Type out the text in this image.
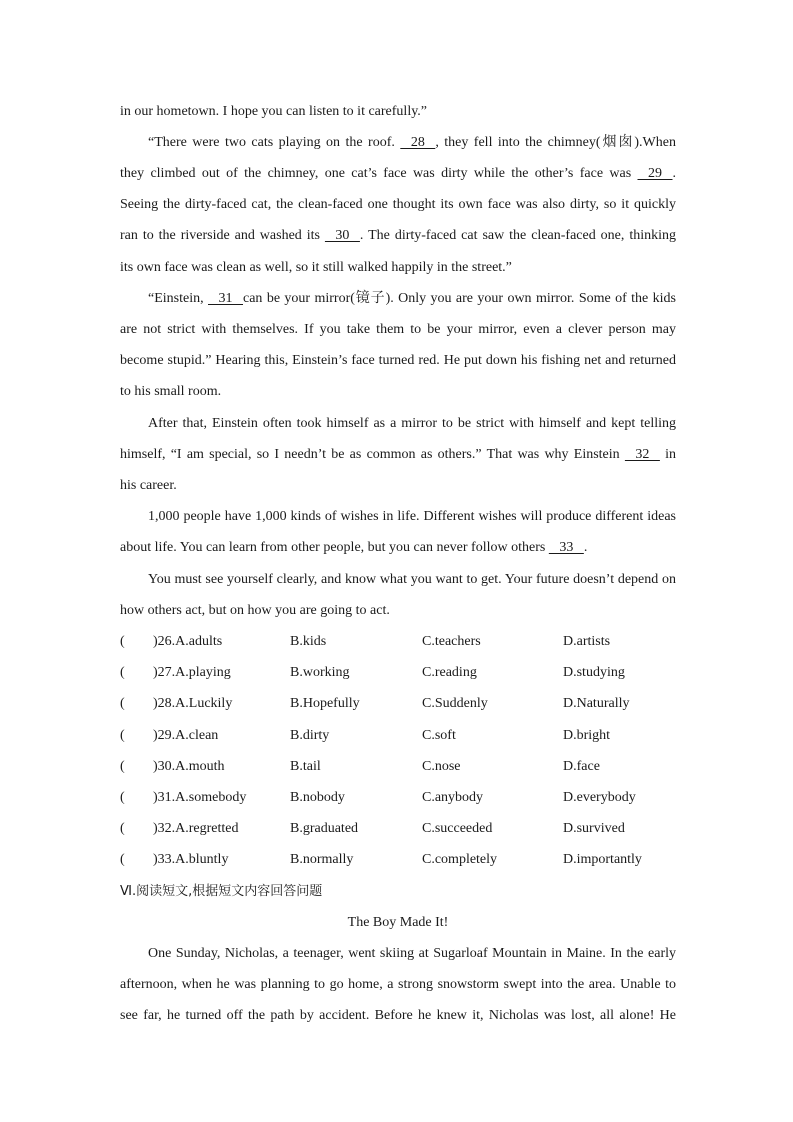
in our hometown. I hope you can listen to it carefully.”
“There were two cats playing on the roof.    28   , they fell into the chimney(烟囱).When
they climbed out of the chimney, one cat’s face was dirty while the other’s face was    29   .
Seeing the dirty-faced cat, the clean-faced one thought its own face was also dirty, so it quickly
ran to the riverside and washed its    30   . The dirty-faced cat saw the clean-faced one, thinking
its own face was clean as well, so it still walked happily in the street.”
“Einstein,    31   can be your mirror(镜子). Only you are your own mirror. Some of the kids
are not strict with themselves. If you take them to be your mirror, even a clever person may
become stupid.” Hearing this, Einstein’s face turned red. He put down his fishing net and returned
to his small room.
After that, Einstein often took himself as a mirror to be strict with himself and kept telling
himself, “I am special, so I needn’t be as common as others.” That was why Einstein    32    in
his career.
1,000 people have 1,000 kinds of wishes in life. Different wishes will produce different ideas
about life. You can learn from other people, but you can never follow others    33   .
You must see yourself clearly, and know what you want to get. Your future doesn’t depend on
how others act, but on how you are going to act.
( )26.A.adults	B.kids	C.teachers	D.artists
( )27.A.playing	B.working	C.reading	D.studying
( )28.A.Luckily	B.Hopefully	C.Suddenly	D.Naturally
( )29.A.clean	B.dirty	C.soft	D.bright
( )30.A.mouth	B.tail	C.nose	D.face
( )31.A.somebody	B.nobody	C.anybody	D.everybody
( )32.A.regretted	B.graduated	C.succeeded	D.survived
( )33.A.bluntly	B.normally	C.completely	D.importantly
Ⅵ.阅读短文,根据短文内容回答问题
The Boy Made It!
One Sunday, Nicholas, a teenager, went skiing at Sugarloaf Mountain in Maine. In the early
afternoon, when he was planning to go home, a strong snowstorm swept into the area. Unable to
see far, he turned off the path by accident. Before he knew it, Nicholas was lost, all alone! He
